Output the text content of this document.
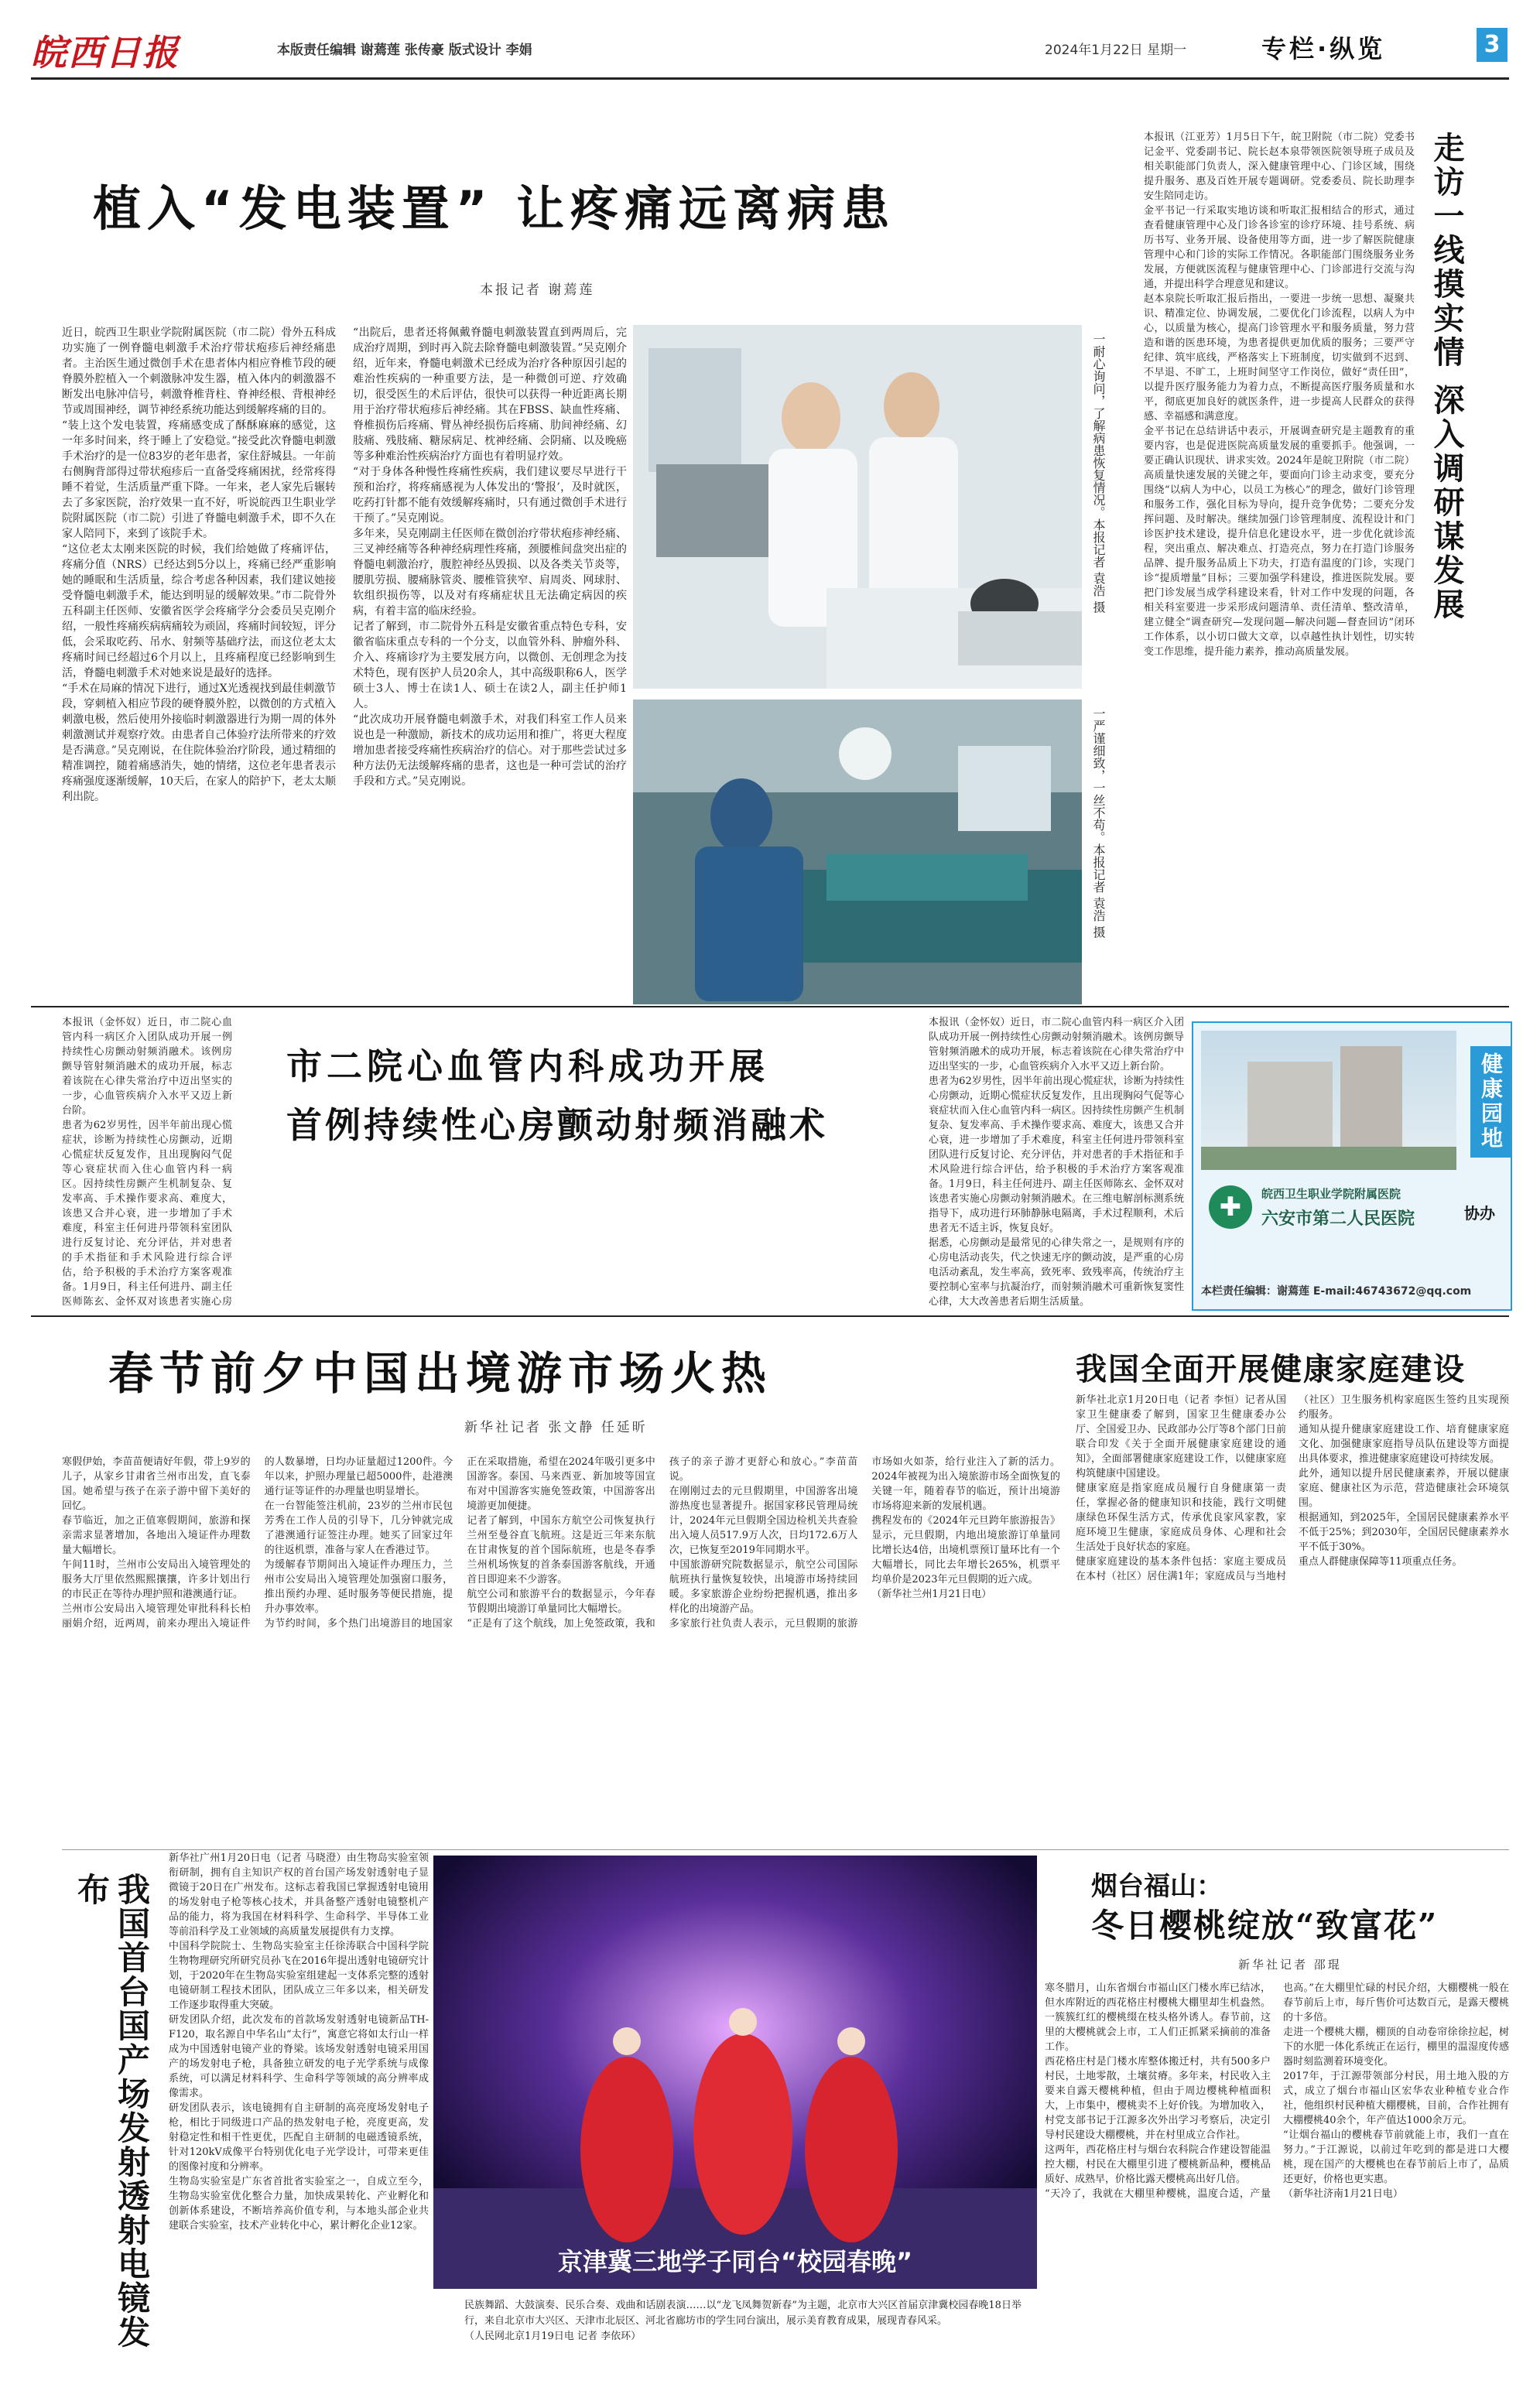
皖西日报	本版责任编辑 谢蔫莲 张传豪 版式设计 李娟	2024年1月22日 星期一	专栏·纵览	3
植入“发电装置” 让疼痛远离病患
本报记者 谢蔫莲
近日，皖西卫生职业学院附属医院（市二院）骨外五科成功实施了一例脊髓电刺激手术治疗带状疱疹后神经痛患者。主治医生通过微创手术在患者体内相应脊椎节段的硬脊膜外腔植入一个刺激脉冲发生器，植入体内的刺激器不断发出电脉冲信号，刺激脊椎背柱、脊神经根、背根神经节或周围神经，调节神经系统功能达到缓解疼痛的目的。
“装上这个发电装置，疼痛感变成了酥酥麻麻的感觉，这一年多时间来，终于睡上了安稳觉。”接受此次脊髓电刺激手术治疗的是一位83岁的老年患者，家住舒城县。一年前右侧胸背部得过带状疱疹后一直备受疼痛困扰，经常疼得睡不着觉，生活质量严重下降。一年来，老人家先后辗转去了多家医院，治疗效果一直不好，听说皖西卫生职业学院附属医院（市二院）引进了脊髓电刺激手术，即不久在家人陪同下，来到了该院手术。
“这位老太太刚来医院的时候，我们给她做了疼痛评估，疼痛分值（NRS）已经达到5分以上，疼痛已经严重影响她的睡眠和生活质量，综合考虑各种因素，我们建议她接受脊髓电刺激手术，能达到明显的缓解效果。”市二院骨外五科副主任医师、安徽省医学会疼痛学分会委员吴克刚介绍，一般性疼痛疾病病痛较为顽固，疼痛时间较短，评分低，会采取吃药、吊水、射频等基础疗法，而这位老太太疼痛时间已经超过6个月以上，且疼痛程度已经影响到生活，脊髓电刺激手术对她来说是最好的选择。
“手术在局麻的情况下进行，通过X光透视找到最佳刺激节段，穿刺植入相应节段的硬脊膜外腔，以微创的方式植入刺激电极，然后使用外接临时刺激器进行为期一周的体外刺激测试并观察疗效。由患者自己体验疗法所带来的疗效是否满意。”吴克刚说，在住院体验治疗阶段，通过精细的精准调控，随着痛感消失，她的情绪，这位老年患者表示疼痛强度逐渐缓解，10天后，在家人的陪护下，老太太顺利出院。
“出院后，患者还将佩戴脊髓电刺激装置直到两周后，完成治疗周期，到时再入院去除脊髓电刺激装置。”吴克刚介绍，近年来，脊髓电刺激术已经成为治疗各种原因引起的难治性疾病的一种重要方法，是一种微创可逆、疗效确切，很受医生的术后评估，很快可以获得一种近距离长期用于治疗带状疱疹后神经痛。其在FBSS、缺血性疼痛、脊椎损伤后疼痛、臂丛神经损伤后疼痛、肋间神经痛、幻肢痛、残肢痛、糖尿病足、枕神经痛、会阴痛、以及晚癌等多种难治性疾病治疗方面也有着明显疗效。
“对于身体各种慢性疼痛性疾病，我们建议要尽早进行干预和治疗，将疼痛感视为人体发出的‘警报’，及时就医，吃药打针都不能有效缓解疼痛时，只有通过微创手术进行干预了。”吴克刚说。
多年来，吴克刚副主任医师在微创治疗带状疱疹神经痛、三叉神经痛等各种神经病理性疼痛，颈腰椎间盘突出症的脊髓电刺激治疗，腹腔神经丛毁损、以及各类关节炎等，腰肌劳损、腰痛脉管炎、腰椎管狭窄、肩周炎、网球肘、软组织损伤等，以及对有疼痛症状且无法确定病因的疾病，有着丰富的临床经验。
记者了解到，市二院骨外五科是安徽省重点特色专科，安徽省临床重点专科的一个分支，以血管外科、肿瘤外科、介入、疼痛诊疗为主要发展方向，以微创、无创理念为技术特色，现有医护人员20余人，其中高级职称6人，医学硕士3人、博士在读1人、硕士在读2人，副主任护师1人。
“此次成功开展脊髓电刺激手术，对我们科室工作人员来说也是一种激励，新技术的成功运用和推广，将更大程度增加患者接受疼痛性疾病治疗的信心。对于那些尝试过多种方法仍无法缓解疼痛的患者，这也是一种可尝试的治疗手段和方式。”吴克刚说。
一耐心询问，了解病患恢复情况。本报记者 袁浩 摄
一严谨细致，一丝不苟。本报记者 袁浩 摄
走访一线摸实情 深入调研谋发展
本报讯（江亚芳）1月5日下午，皖卫附院（市二院）党委书记金平、党委副书记、院长赵本泉带领医院领导班子成员及相关职能部门负责人，深入健康管理中心、门诊区域，围绕提升服务、惠及百姓开展专题调研。党委委员、院长助理李安生陪同走访。
金平书记一行采取实地访谈和听取汇报相结合的形式，通过查看健康管理中心及门诊各诊室的诊疗环境、挂号系统、病历书写、业务开展、设备使用等方面，进一步了解医院健康管理中心和门诊的实际工作情况。各职能部门围绕服务业务发展，方便就医流程与健康管理中心、门诊部进行交流与沟通，并提出科学合理意见和建议。
赵本泉院长听取汇报后指出，一要进一步统一思想、凝聚共识、精准定位、协调发展，二要优化门诊流程，以病人为中心，以质量为核心，提高门诊管理水平和服务质量，努力营造和谐的医患环境，为患者提供更加优质的服务；三要严守纪律、筑牢底线，严格落实上下班制度，切实做到不迟到、不早退、不旷工，上班时间坚守工作岗位，做好“责任田”，以提升医疗服务能力为着力点，不断提高医疗服务质量和水平，彻底更加良好的就医条件，进一步提高人民群众的获得感、幸福感和满意度。
金平书记在总结讲话中表示，开展调查研究是主题教育的重要内容，也是促进医院高质量发展的重要抓手。他强调，一要正确认识现状、讲求实效。2024年是皖卫附院（市二院）高质量快速发展的关键之年，要面向门诊主动求变，要充分围绕“以病人为中心，以员工为核心”的理念，做好门诊管理和服务工作，强化目标为导向，提升竞争优势；二要充分发挥问题、及时解决。继续加强门诊管理制度、流程设计和门诊医护技术建设，提升信息化建设水平，进一步优化就诊流程，突出重点、解决难点、打造亮点，努力在打造门诊服务品牌、提升服务品质上下功夫，打造有温度的门诊，实现门诊“提质增量”目标；三要加强学科建设，推进医院发展。要把门诊发展当成学科建设来看，针对工作中发现的问题，各相关科室要进一步采形成问题清单、责任清单、整改清单，建立健全“调查研究—发现问题—解决问题—督查回访”闭环工作体系，以小切口做大文章，以卓越性执计划性，切实转变工作思维，提升能力素养，推动高质量发展。
本报讯（金怀奴）近日，市二院心血管内科一病区介入团队成功开展一例持续性心房颤动射频消融术。该例房颤导管射频消融术的成功开展，标志着该院在心律失常治疗中迈出坚实的一步，心血管疾病介入水平又迈上新台阶。
患者为62岁男性，因半年前出现心慌症状，诊断为持续性心房颤动，近期心慌症状反复发作，且出现胸闷气促等心衰症状而入住心血管内科一病区。因持续性房颤产生机制复杂、复发率高、手术操作要求高、难度大，该患又合并心衰，进一步增加了手术难度，科室主任何进丹带领科室团队进行反复讨论、充分评估，并对患者的手术指征和手术风险进行综合评估，给予积极的手术治疗方案客观准备。1月9日，科主任何进丹、副主任医师陈玄、金怀双对该患者实施心房

市二院心血管内科成功开展
首例持续性心房颤动射频消融术
本报讯（金怀奴）近日，市二院心血管内科一病区介入团队成功开展一例持续性心房颤动射频消融术。该例房颤导管射频消融术的成功开展，标志着该院在心律失常治疗中迈出坚实的一步，心血管疾病介入水平又迈上新台阶。
患者为62岁男性，因半年前出现心慌症状，诊断为持续性心房颤动，近期心慌症状反复发作，且出现胸闷气促等心衰症状而入住心血管内科一病区。因持续性房颤产生机制复杂、复发率高、手术操作要求高、难度大，该患又合并心衰，进一步增加了手术难度，科室主任何进丹带领科室团队进行反复讨论、充分评估，并对患者的手术指征和手术风险进行综合评估，给予积极的手术治疗方案客观准备。1月9日，科主任何进丹、副主任医师陈玄、金怀双对该患者实施心房颤动射频消融术。在三维电解剖标测系统指导下，成功进行环肺静脉电隔离，手术过程顺利，术后患者无不适主诉，恢复良好。
据悉，心房颤动是最常见的心律失常之一，是规则有序的心房电活动丧失，代之快速无序的颤动波，是严重的心房电活动紊乱，发生率高，致死率、致残率高，传统治疗主要控制心室率与抗凝治疗，而射频消融术可重新恢复窦性心律，大大改善患者后期生活质量。

健康园地
✚	皖西卫生职业学院附属医院
六安市第二人民医院	协办
本栏责任编辑：谢蔫莲 E-mail:46743672@qq.com
春节前夕中国出境游市场火热
新华社记者 张文静 任延昕
寒假伊始，李苗苗便请好年假，带上9岁的儿子，从家乡甘肃省兰州市出发，直飞泰国。她希望与孩子在亲子游中留下美好的回忆。
春节临近，加之正值寒假期间，旅游和探亲需求显著增加，各地出入境证件办理数量大幅增长。
午间11时，兰州市公安局出入境管理处的服务大厅里依然熙熙攘攘，许多计划出行的市民正在等待办理护照和港澳通行证。
兰州市公安局出入境管理处审批科科长柏丽娟介绍，近两周，前来办理出入境证件的人数暴增，日均办证量超过1200件。今年以来，护照办理量已超5000件，赴港澳通行证等证件的办理量也明显增长。
在一台智能签注机前，23岁的兰州市民包芳秀在工作人员的引导下，几分钟就完成了港澳通行证签注办理。她买了回家过年的往返机票，准备与家人在香港过节。
为缓解春节期间出入境证件办理压力，兰州市公安局出入境管理处加强窗口服务，推出预约办理、延时服务等便民措施，提升办事效率。
为节约时间，多个热门出境游目的地国家正在采取措施，希望在2024年吸引更多中国游客。泰国、马来西亚、新加坡等国宣布对中国游客实施免签政策，中国游客出境游更加便捷。
记者了解到，中国东方航空公司恢复执行兰州至曼谷直飞航班。这是近三年来东航在甘肃恢复的首个国际航班，也是冬春季兰州机场恢复的首条泰国游客航线，开通首日即迎来不少游客。
航空公司和旅游平台的数据显示，今年春节假期出境游订单量同比大幅增长。
“正是有了这个航线，加上免签政策，我和孩子的亲子游才更舒心和放心。”李苗苗说。
在刚刚过去的元旦假期里，中国游客出境游热度也显著提升。据国家移民管理局统计，2024年元旦假期全国边检机关共查验出入境人员517.9万人次，日均172.6万人次，已恢复至2019年同期水平。
中国旅游研究院数据显示，航空公司国际航班执行量恢复较快，出境游市场持续回暖。多家旅游企业纷纷把握机遇，推出多样化的出境游产品。
多家旅行社负责人表示，元旦假期的旅游市场如火如荼，给行业注入了新的活力。2024年被视为出入境旅游市场全面恢复的关键一年，随着春节的临近，预计出境游市场将迎来新的发展机遇。
携程发布的《2024年元旦跨年旅游报告》显示，元旦假期，内地出境旅游订单量同比增长达4倍，出境机票预订量环比有一个大幅增长，同比去年增长265%，机票平均单价是2023年元旦假期的近六成。
（新华社兰州1月21日电）
我国全面开展健康家庭建设
新华社北京1月20日电（记者 李恒）记者从国家卫生健康委了解到，国家卫生健康委办公厅、全国爱卫办、民政部办公厅等8个部门日前联合印发《关于全面开展健康家庭建设的通知》，全面部署健康家庭建设工作，以健康家庭构筑健康中国建设。
健康家庭是指家庭成员履行自身健康第一责任，掌握必备的健康知识和技能，践行文明健康绿色环保生活方式，传承优良家风家教，家庭环境卫生健康，家庭成员身体、心理和社会生活处于良好状态的家庭。
健康家庭建设的基本条件包括：家庭主要成员在本村（社区）居住满1年；家庭成员与当地村（社区）卫生服务机构家庭医生签约且实现预约服务。
通知从提升健康家庭建设工作、培育健康家庭文化、加强健康家庭指导员队伍建设等方面提出具体要求，推进健康家庭建设可持续发展。
此外，通知以提升居民健康素养，开展以健康家庭、健康社区为示范，营造健康社会环境氛围。
根据通知，到2025年，全国居民健康素养水平不低于25%；到2030年，全国居民健康素养水平不低于30%。
重点人群健康保障等11项重点任务。
我国首台国产场发射透射电镜发布
新华社广州1月20日电（记者 马晓澄）由生物岛实验室领衔研制，拥有自主知识产权的首台国产场发射透射电子显微镜于20日在广州发布。这标志着我国已掌握透射电镜用的场发射电子枪等核心技术，并具备整产透射电镜整机产品的能力，将为我国在材料科学、生命科学、半导体工业等前沿科学及工业领域的高质量发展提供有力支撑。
中国科学院院士、生物岛实验室主任徐涛联合中国科学院生物物理研究所研究员孙飞在2016年提出透射电镜研究计划，于2020年在生物岛实验室组建起一支体系完整的透射电镜研制工程技术团队，团队成立三年多以来，相关研发工作逐步取得重大突破。
研发团队介绍，此次发布的首款场发射透射电镜新品TH-F120，取名源自中华名山“太行”，寓意它将如太行山一样成为中国透射电镜产业的脊梁。该场发射透射电镜采用国产的场发射电子枪，具备独立研发的电子光学系统与成像系统，可以满足材料科学、生命科学等领域的高分辨率成像需求。
研发团队表示，该电镜拥有自主研制的高亮度场发射电子枪，相比于同级进口产品的热发射电子枪，亮度更高，发射稳定性和相干性更优，匹配自主研制的电磁透镜系统，针对120kV成像平台特别优化电子光学设计，可带来更佳的图像衬度和分辨率。
生物岛实验室是广东省首批省实验室之一，自成立至今，生物岛实验室优化整合力量，加快成果转化、产业孵化和创新体系建设，不断培养高价值专利，与本地头部企业共建联合实验室，技术产业转化中心，累计孵化企业12家。
京津冀三地学子同台“校园春晚”
民族舞蹈、大鼓演奏、民乐合奏、戏曲和话剧表演……以“龙飞凤舞贺新春”为主题，北京市大兴区首届京津冀校园春晚18日举行，来自北京市大兴区、天津市北辰区、河北省廊坊市的学生同台演出，展示美育教育成果，展现青春风采。
（人民网北京1月19日电 记者 李依环）
烟台福山：
冬日樱桃绽放“致富花”
新华社记者 邵琨
寒冬腊月，山东省烟台市福山区门楼水库已结冰，但水库附近的西花格庄村樱桃大棚里却生机盎然。一簇簇红红的樱桃缀在枝头格外诱人。春节前，这里的大樱桃就会上市，工人们正抓紧采摘前的准备工作。
西花格庄村是门楼水库整体搬迁村，共有500多户村民，土地零散，土壤贫瘠。多年来，村民收入主要来自露天樱桃种植，但由于周边樱桃种植面积大，上市集中，樱桃卖不上好价钱。为增加收入，村党支部书记于江源多次外出学习考察后，决定引导村民建设大棚樱桃，并在村里成立合作社。
这两年，西花格庄村与烟台农科院合作建设智能温控大棚，村民在大棚里引进了樱桃新品种，樱桃品质好、成熟早，价格比露天樱桃高出好几倍。
“天冷了，我就在大棚里种樱桃，温度合适，产量也高。”在大棚里忙碌的村民介绍，大棚樱桃一般在春节前后上市，每斤售价可达数百元，是露天樱桃的十多倍。
走进一个樱桃大棚，棚顶的自动卷帘徐徐拉起，树下的水肥一体化系统正在运行，棚里的温湿度传感器时刻监测着环境变化。
2017年，于江源带领部分村民，用土地入股的方式，成立了烟台市福山区宏华农业种植专业合作社，他组织村民种植大棚樱桃，目前，合作社拥有大棚樱桃40余个，年产值达1000余万元。
“让烟台福山的樱桃春节前就能上市，我们一直在努力。”于江源说，以前过年吃到的都是进口大樱桃，现在国产的大樱桃也在春节前后上市了，品质还更好，价格也更实惠。
（新华社济南1月21日电）
